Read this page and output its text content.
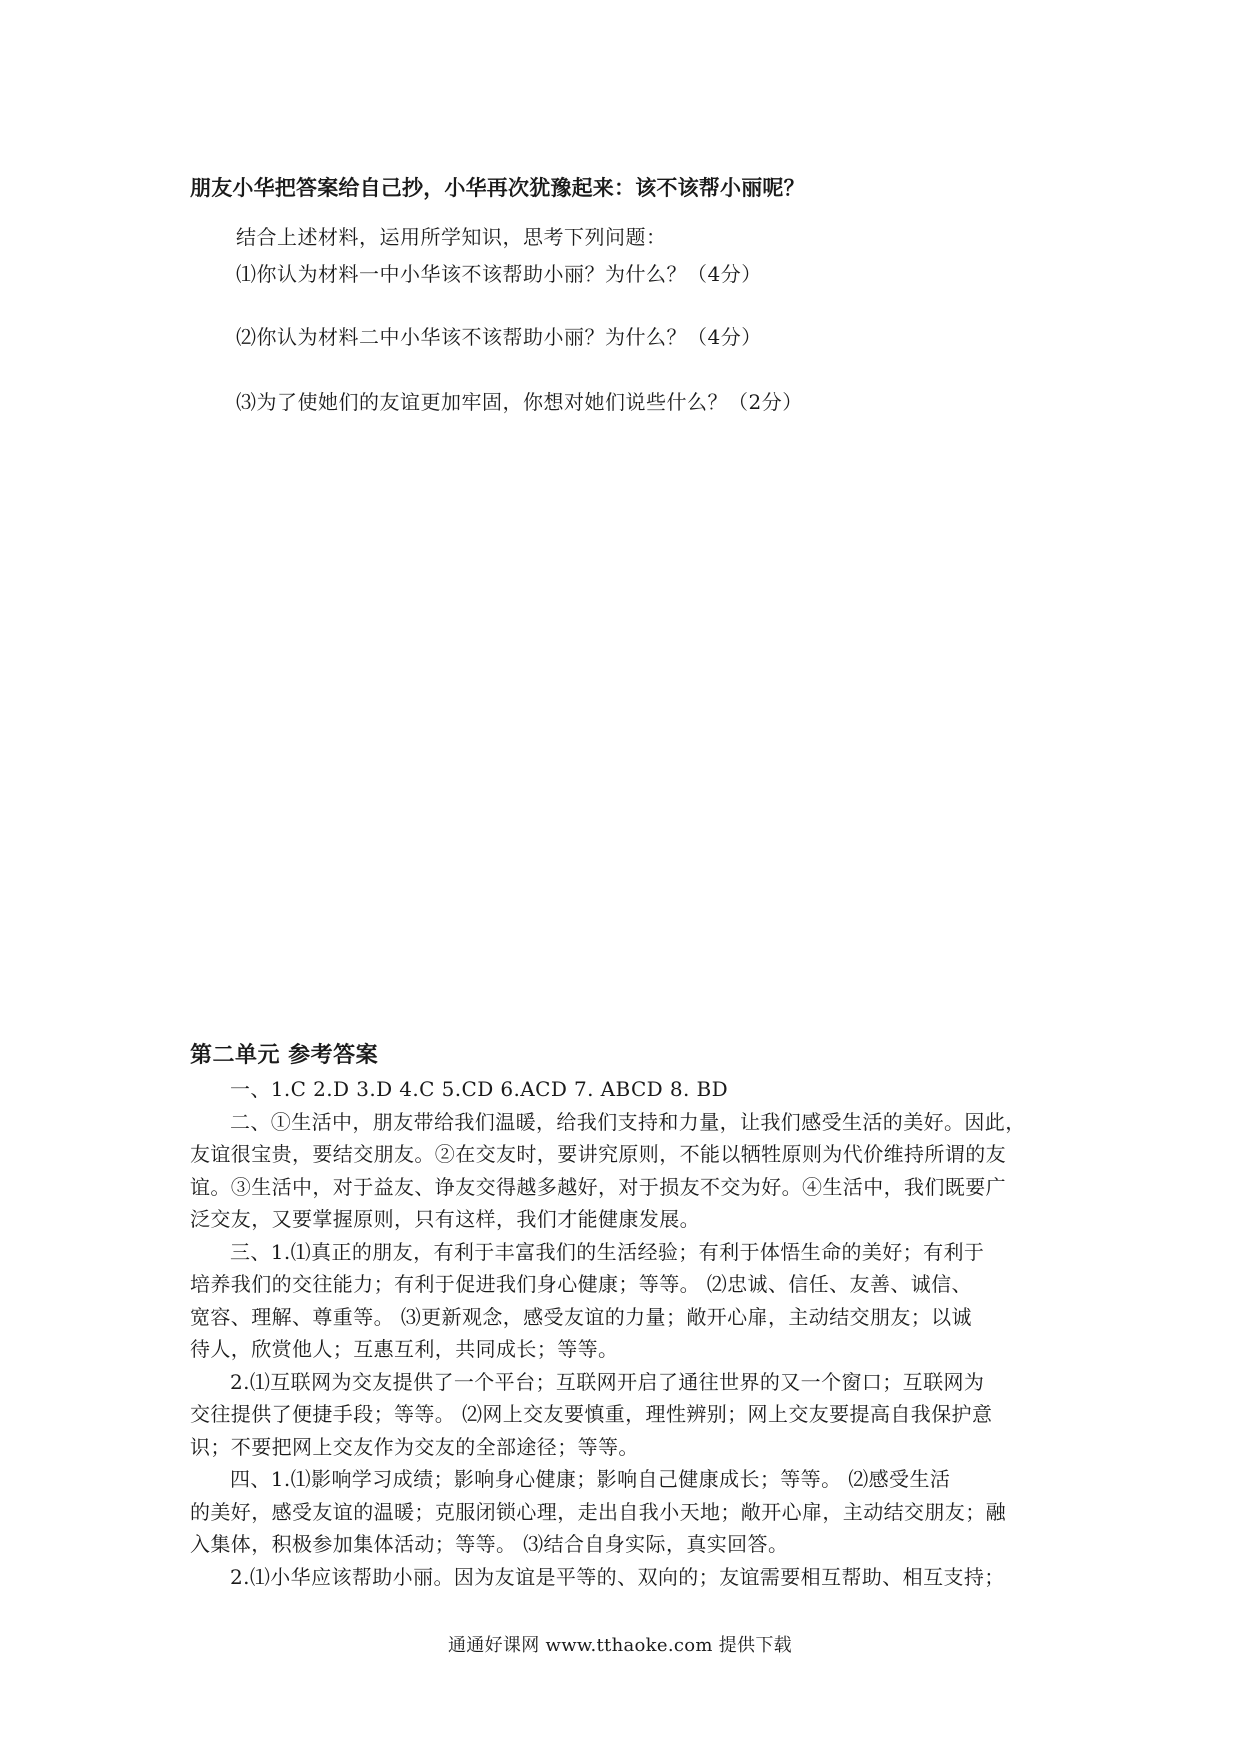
朋友小华把答案给自己抄，小华再次犹豫起来：该不该帮小丽呢？
结合上述材料，运用所学知识，思考下列问题：
⑴你认为材料一中小华该不该帮助小丽？为什么？（4分）
⑵你认为材料二中小华该不该帮助小丽？为什么？（4分）
⑶为了使她们的友谊更加牢固，你想对她们说些什么？（2分）
第二单元 参考答案
一、1.C 2.D 3.D 4.C 5.CD 6.ACD 7. ABCD 8. BD
二、①生活中，朋友带给我们温暖，给我们支持和力量，让我们感受生活的美好。因此，
友谊很宝贵，要结交朋友。②在交友时，要讲究原则，不能以牺牲原则为代价维持所谓的友
谊。③生活中，对于益友、诤友交得越多越好，对于损友不交为好。④生活中，我们既要广
泛交友，又要掌握原则，只有这样，我们才能健康发展。
三、1.⑴真正的朋友，有利于丰富我们的生活经验；有利于体悟生命的美好；有利于
培养我们的交往能力；有利于促进我们身心健康；等等。 ⑵忠诚、信任、友善、诚信、
宽容、理解、尊重等。 ⑶更新观念，感受友谊的力量；敞开心扉，主动结交朋友；以诚
待人，欣赏他人；互惠互利，共同成长；等等。
2.⑴互联网为交友提供了一个平台；互联网开启了通往世界的又一个窗口；互联网为
交往提供了便捷手段；等等。 ⑵网上交友要慎重，理性辨别；网上交友要提高自我保护意
识；不要把网上交友作为交友的全部途径；等等。
四、1.⑴影响学习成绩；影响身心健康；影响自己健康成长；等等。 ⑵感受生活
的美好，感受友谊的温暖；克服闭锁心理，走出自我小天地；敞开心扉，主动结交朋友；融
入集体，积极参加集体活动；等等。 ⑶结合自身实际，真实回答。
2.⑴小华应该帮助小丽。因为友谊是平等的、双向的；友谊需要相互帮助、相互支持；
通通好课网 www.tthaoke.com 提供下载
